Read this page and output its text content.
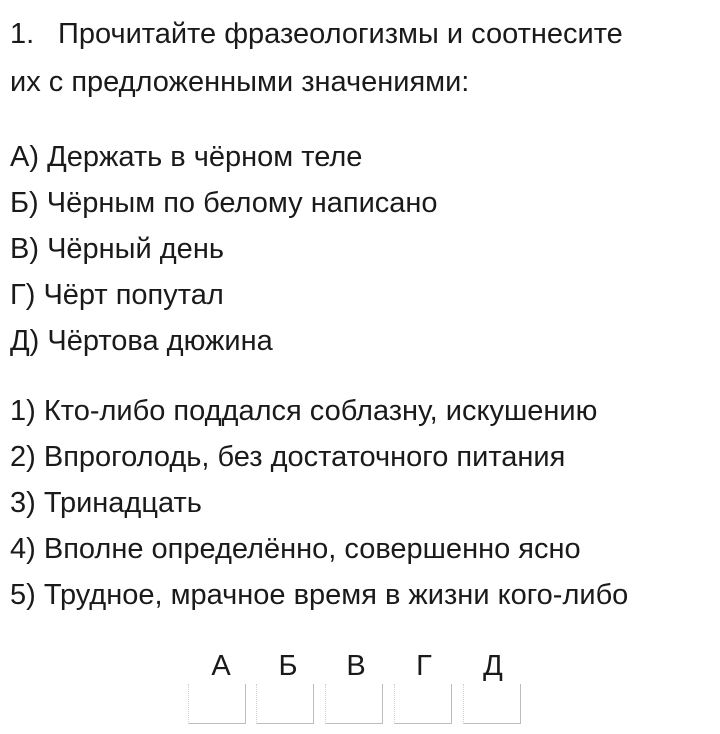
1. Прочитайте фразеологизмы и соотнесите
их с предложенными значениями:
А) Держать в чёрном теле
Б) Чёрным по белому написано
В) Чёрный день
Г) Чёрт попутал
Д) Чёртова дюжина
1) Кто-либо поддался соблазну, искушению
2) Впроголодь, без достаточного питания
3) Тринадцать
4) Вполне определённо, совершенно ясно
5) Трудное, мрачное время в жизни кого-либо
А	Б	В	Г	Д
